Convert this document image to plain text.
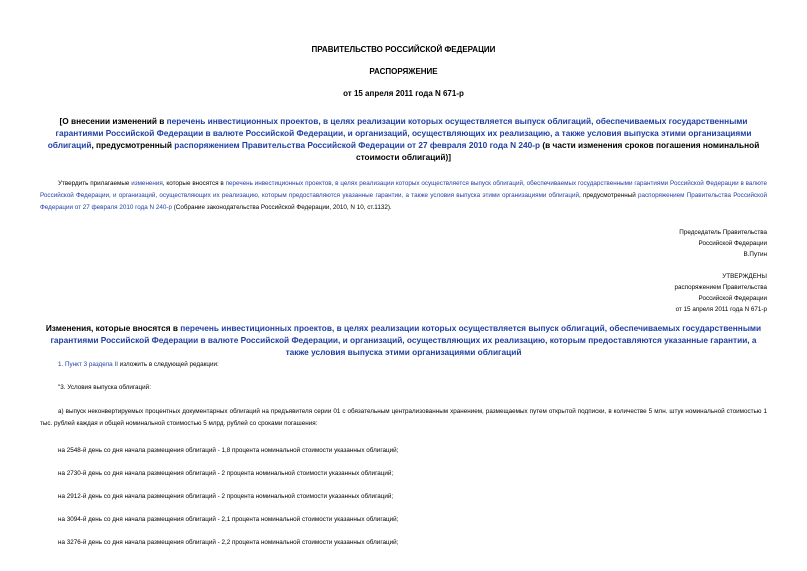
ПРАВИТЕЛЬСТВО РОССИЙСКОЙ ФЕДЕРАЦИИ
РАСПОРЯЖЕНИЕ
от 15 апреля 2011 года N 671-р
[О внесении изменений в перечень инвестиционных проектов, в целях реализации которых осуществляется выпуск облигаций, обеспечиваемых государственными гарантиями Российской Федерации в валюте Российской Федерации, и организаций, осуществляющих их реализацию, а также условия выпуска этими организациями облигаций, предусмотренный распоряжением Правительства Российской Федерации от 27 февраля 2010 года N 240-р (в части изменения сроков погашения номинальной стоимости облигаций)]
Утвердить прилагаемые изменения, которые вносятся в перечень инвестиционных проектов, в целях реализации которых осуществляется выпуск облигаций, обеспечиваемых государственными гарантиями Российской Федерации в валюте Российской Федерации, и организаций, осуществляющих их реализацию, которым предоставляются указанные гарантии, а также условия выпуска этими организациями облигаций, предусмотренный распоряжением Правительства Российской Федерации от 27 февраля 2010 года N 240-р (Собрание законодательства Российской Федерации, 2010, N 10, ст.1132).
Председатель Правительства
Российской Федерации
В.Путин
УТВЕРЖДЕНЫ
распоряжением Правительства
Российской Федерации
от 15 апреля 2011 года N 671-р
Изменения, которые вносятся в перечень инвестиционных проектов, в целях реализации которых осуществляется выпуск облигаций, обеспечиваемых государственными гарантиями Российской Федерации в валюте Российской Федерации, и организаций, осуществляющих их реализацию, которым предоставляются указанные гарантии, а также условия выпуска этими организациями облигаций
1. Пункт 3 раздела II изложить в следующей редакции:
"3. Условия выпуска облигаций:
а) выпуск неконвертируемых процентных документарных облигаций на предъявителя серии 01 с обязательным централизованным хранением, размещаемых путем открытой подписки, в количестве 5 млн. штук номинальной стоимостью 1 тыс. рублей каждая и общей номинальной стоимостью 5 млрд. рублей со сроками погашения:
на 2548-й день со дня начала размещения облигаций - 1,8 процента номинальной стоимости указанных облигаций;
на 2730-й день со дня начала размещения облигаций - 2 процента номинальной стоимости указанных облигаций;
на 2912-й день со дня начала размещения облигаций - 2 процента номинальной стоимости указанных облигаций;
на 3094-й день со дня начала размещения облигаций - 2,1 процента номинальной стоимости указанных облигаций;
на 3276-й день со дня начала размещения облигаций - 2,2 процента номинальной стоимости указанных облигаций;
